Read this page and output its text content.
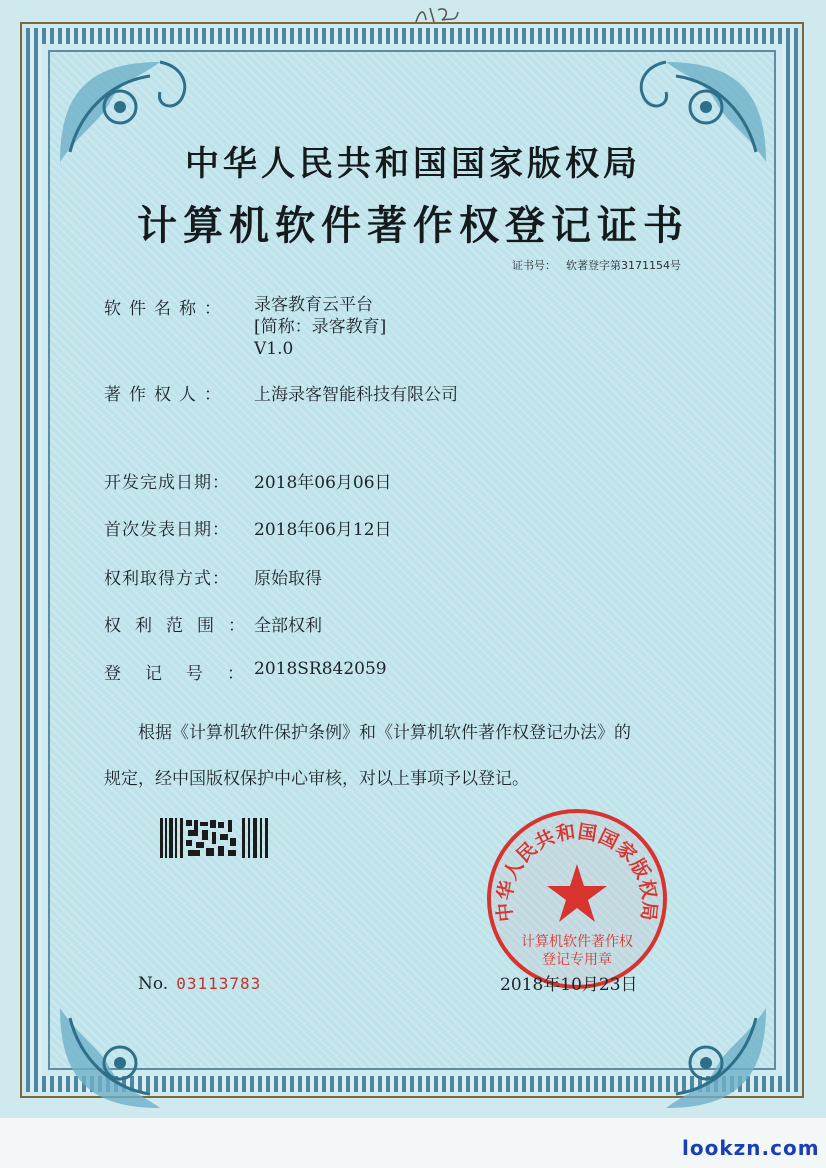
中华人民共和国国家版权局
计算机软件著作权登记证书
证书号： 软著登字第3171154号
软件名称： 录客教育云平台
[简称：录客教育]
V1.0
著作权人： 上海录客智能科技有限公司
开发完成日期： 2018年06月06日
首次发表日期： 2018年06月12日
权利取得方式： 原始取得
权利范围：全部权利
登记号：2018SR842059
根据《计算机软件保护条例》和《计算机软件著作权登记办法》的
规定，经中国版权保护中心审核，对以上事项予以登记。
中华人民共和国国家版权局
计算机软件著作权
登记专用章
No. 03113783	2018年10月23日
lookzn.com
